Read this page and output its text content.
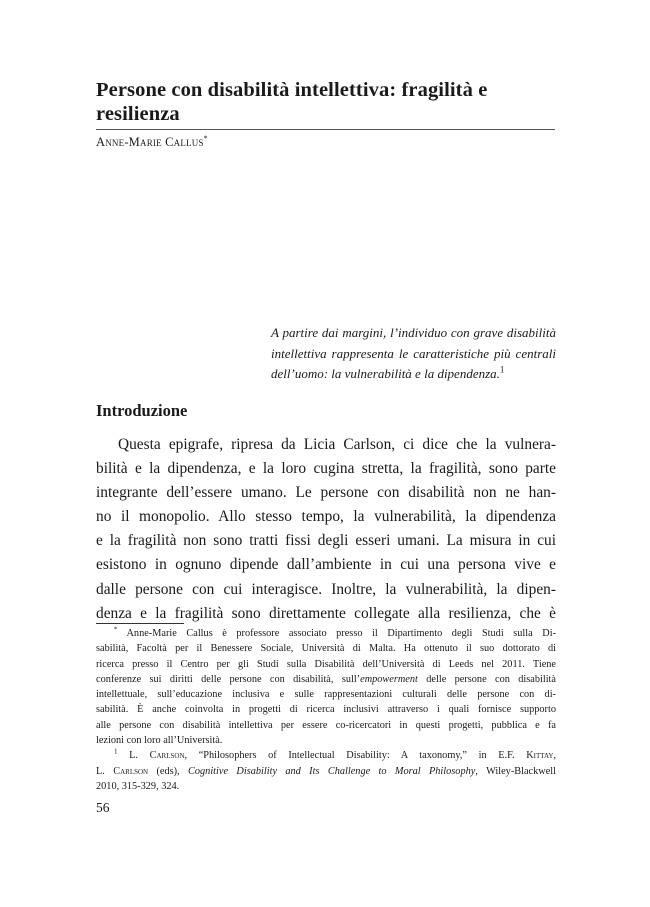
Persone con disabilità intellettiva: fragilità e resilienza
Anne-Marie Callus*
A partire dai margini, l’individuo con grave disabilità
intellettiva rappresenta le caratteristiche più centrali
dell’uomo: la vulnerabilità e la dipendenza.$^1$
Introduzione
Questa epigrafe, ripresa da Licia Carlson, ci dice che la vulnera-
bilità e la dipendenza, e la loro cugina stretta, la fragilità, sono parte
integrante dell’essere umano. Le persone con disabilità non ne han-
no il monopolio. Allo stesso tempo, la vulnerabilità, la dipendenza
e la fragilità non sono tratti fissi degli esseri umani. La misura in cui
esistono in ognuno dipende dall’ambiente in cui una persona vive e
dalle persone con cui interagisce. Inoltre, la vulnerabilità, la dipen-
denza e la fragilità sono direttamente collegate alla resilienza, che è
* Anne-Marie Callus è professore associato presso il Dipartimento degli Studi sulla Di-
sabilità, Facoltà per il Benessere Sociale, Università di Malta. Ha ottenuto il suo dottorato di
ricerca presso il Centro per gli Studi sulla Disabilità dell’Università di Leeds nel 2011. Tiene
conferenze sui diritti delle persone con disabilità, sull’empowerment delle persone con disabilità
intellettuale, sull’educazione inclusiva e sulle rappresentazioni culturali delle persone con di-
sabilità. È anche coinvolta in progetti di ricerca inclusivi attraverso i quali fornisce supporto
alle persone con disabilità intellettiva per essere co-ricercatori in questi progetti, pubblica e fa
lezioni con loro all’Università.
$^1$ L. Carlson, “Philosophers of Intellectual Disability: A taxonomy,” in E.F. Kittay,
L. Carlson (eds), Cognitive Disability and Its Challenge to Moral Philosophy, Wiley-Blackwell
2010, 315-329, 324.
56
